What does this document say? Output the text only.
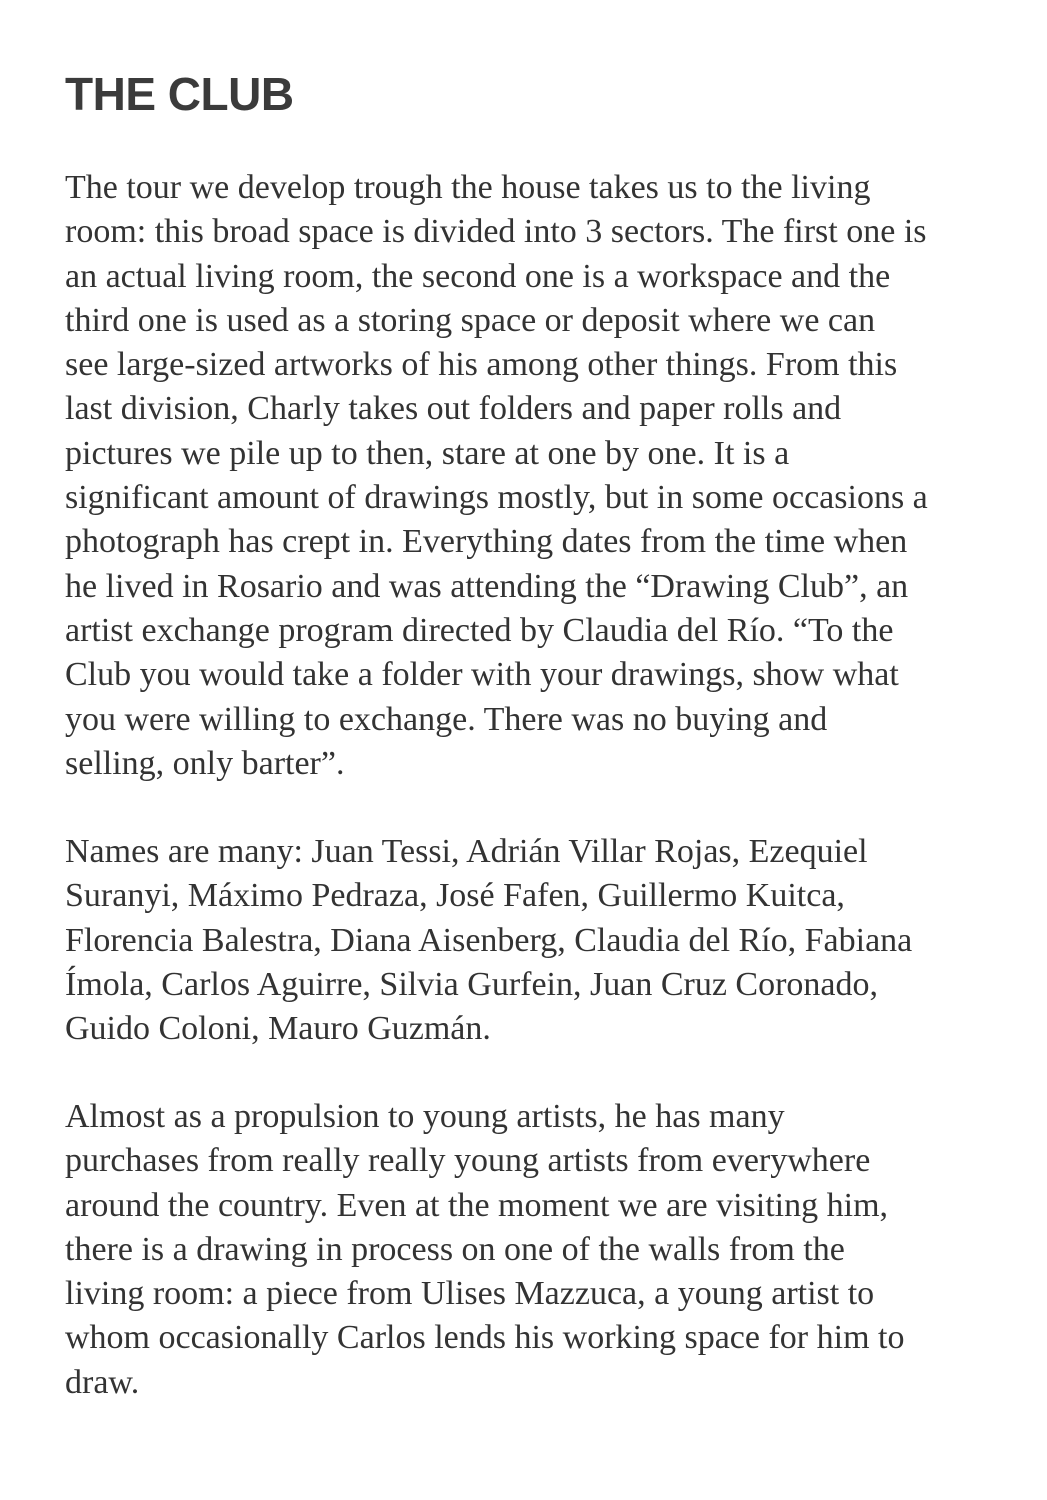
THE CLUB

The tour we develop trough the house takes us to the living
room: this broad space is divided into 3 sectors. The first one is
an actual living room, the second one is a workspace and the
third one is used as a storing space or deposit where we can
see large-sized artworks of his among other things. From this
last division, Charly takes out folders and paper rolls and
pictures we pile up to then, stare at one by one. It is a
significant amount of drawings mostly, but in some occasions a
photograph has crept in. Everything dates from the time when
he lived in Rosario and was attending the “Drawing Club”, an
artist exchange program directed by Claudia del Río. “To the
Club you would take a folder with your drawings, show what
you were willing to exchange. There was no buying and
selling, only barter”.

Names are many: Juan Tessi, Adrián Villar Rojas, Ezequiel
Suranyi, Máximo Pedraza, José Fafen, Guillermo Kuitca,
Florencia Balestra, Diana Aisenberg, Claudia del Río, Fabiana
Ímola, Carlos Aguirre, Silvia Gurfein, Juan Cruz Coronado,
Guido Coloni, Mauro Guzmán.

Almost as a propulsion to young artists, he has many
purchases from really really young artists from everywhere
around the country. Even at the moment we are visiting him,
there is a drawing in process on one of the walls from the
living room: a piece from Ulises Mazzuca, a young artist to
whom occasionally Carlos lends his working space for him to
draw.
